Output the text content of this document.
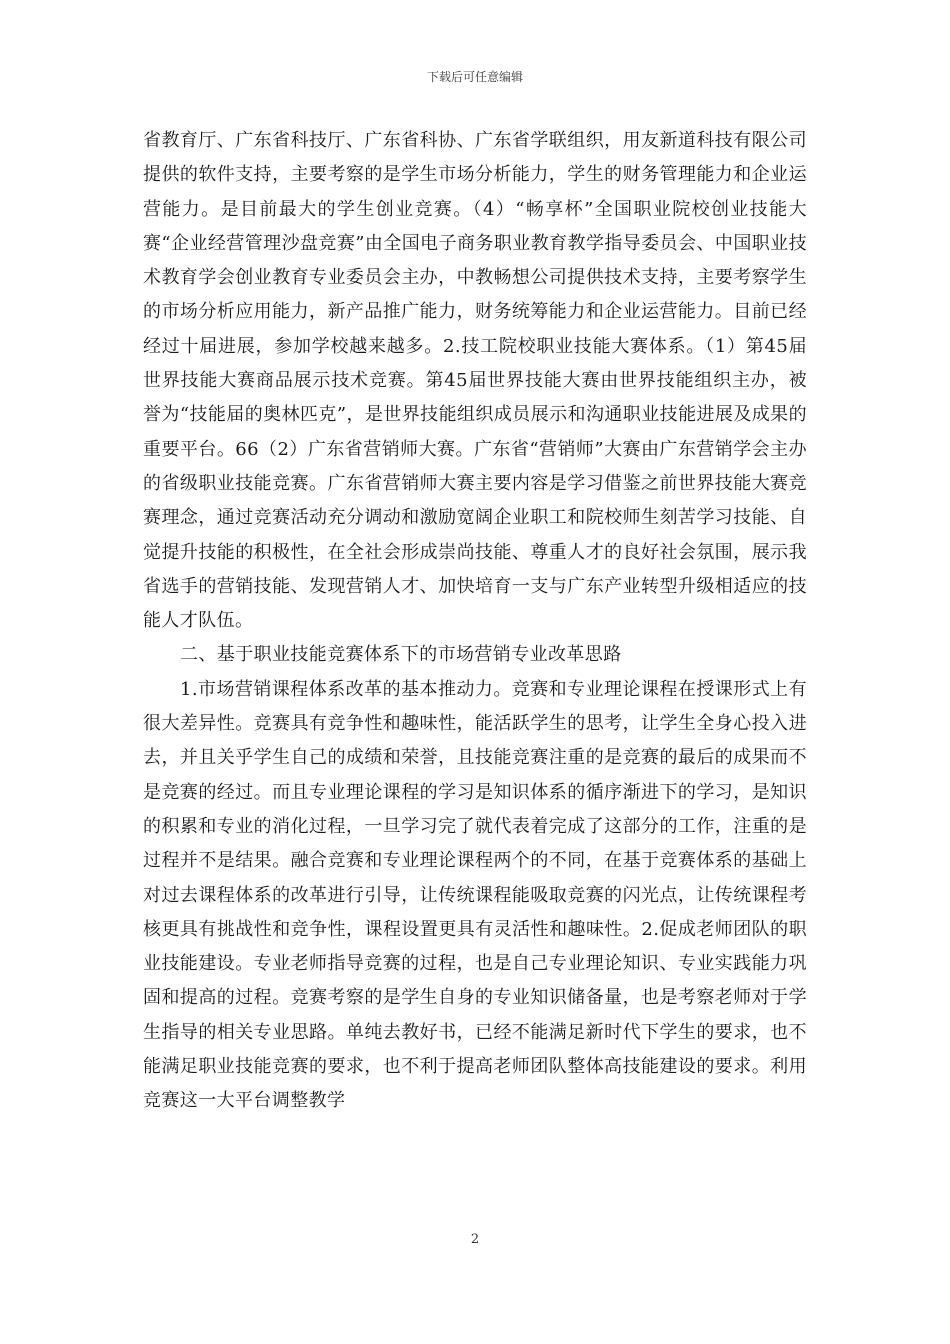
下载后可任意编辑

省教育厅、广东省科技厅、广东省科协、广东省学联组织，用友新道科技有限公司提供的软件支持，主要考察的是学生市场分析能力，学生的财务管理能力和企业运营能力。是目前最大的学生创业竞赛。（4）“畅享杯”全国职业院校创业技能大赛“企业经营管理沙盘竞赛”由全国电子商务职业教育教学指导委员会、中国职业技术教育学会创业教育专业委员会主办，中教畅想公司提供技术支持，主要考察学生的市场分析应用能力，新产品推广能力，财务统筹能力和企业运营能力。目前已经经过十届进展，参加学校越来越多。2.技工院校职业技能大赛体系。（1）第45届世界技能大赛商品展示技术竞赛。第45届世界技能大赛由世界技能组织主办，被誉为“技能届的奥林匹克”，是世界技能组织成员展示和沟通职业技能进展及成果的重要平台。66（2）广东省营销师大赛。广东省“营销师”大赛由广东营销学会主办的省级职业技能竞赛。广东省营销师大赛主要内容是学习借鉴之前世界技能大赛竞赛理念，通过竞赛活动充分调动和激励宽阔企业职工和院校师生刻苦学习技能、自觉提升技能的积极性，在全社会形成崇尚技能、尊重人才的良好社会氛围，展示我省选手的营销技能、发现营销人才、加快培育一支与广东产业转型升级相适应的技能人才队伍。

二、基于职业技能竞赛体系下的市场营销专业改革思路

1.市场营销课程体系改革的基本推动力。竞赛和专业理论课程在授课形式上有很大差异性。竞赛具有竞争性和趣味性，能活跃学生的思考，让学生全身心投入进去，并且关乎学生自己的成绩和荣誉，且技能竞赛注重的是竞赛的最后的成果而不是竞赛的经过。而且专业理论课程的学习是知识体系的循序渐进下的学习，是知识的积累和专业的消化过程，一旦学习完了就代表着完成了这部分的工作，注重的是过程并不是结果。融合竞赛和专业理论课程两个的不同，在基于竞赛体系的基础上对过去课程体系的改革进行引导，让传统课程能吸取竞赛的闪光点，让传统课程考核更具有挑战性和竞争性，课程设置更具有灵活性和趣味性。2.促成老师团队的职业技能建设。专业老师指导竞赛的过程，也是自己专业理论知识、专业实践能力巩固和提高的过程。竞赛考察的是学生自身的专业知识储备量，也是考察老师对于学生指导的相关专业思路。单纯去教好书，已经不能满足新时代下学生的要求，也不能满足职业技能竞赛的要求，也不利于提高老师团队整体高技能建设的要求。利用竞赛这一大平台调整教学

2
